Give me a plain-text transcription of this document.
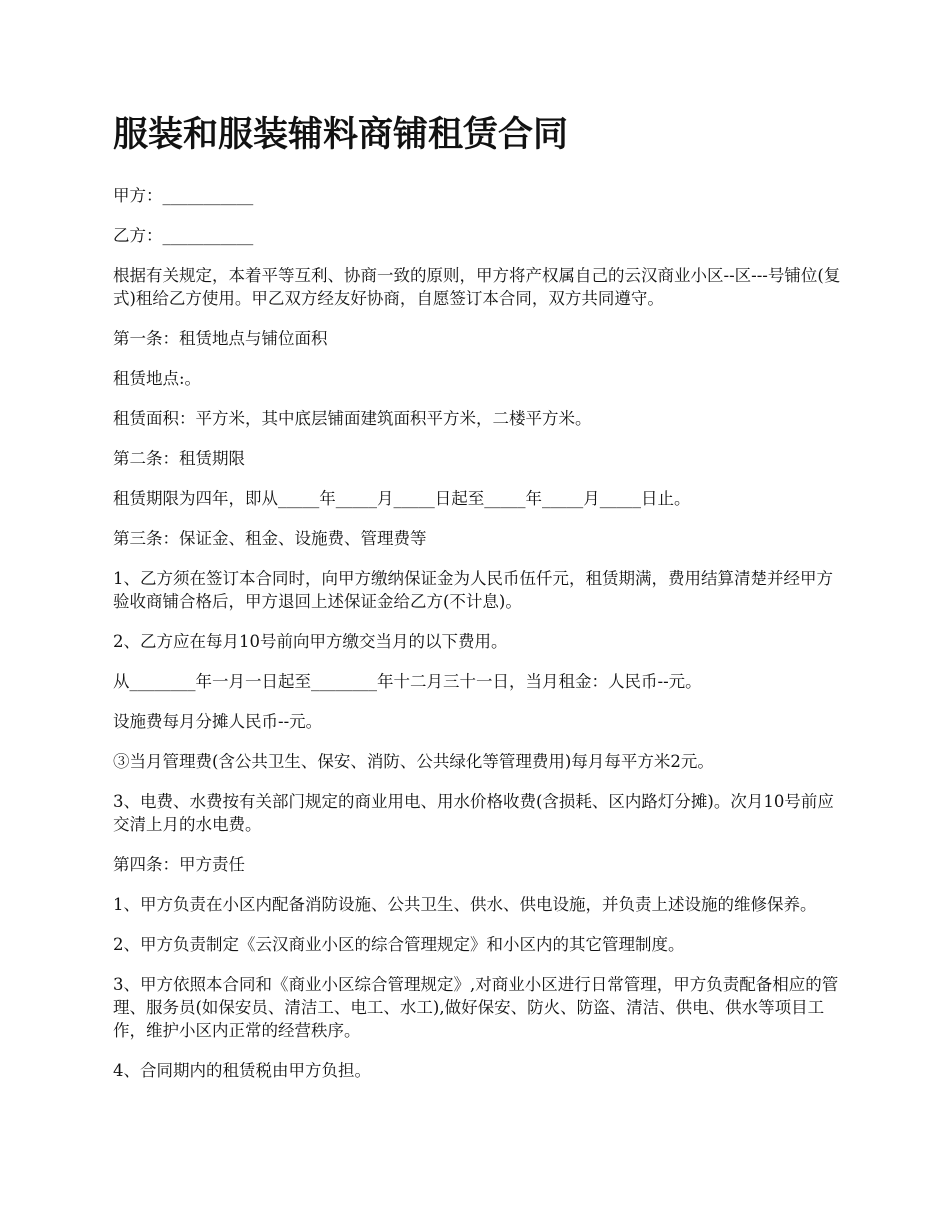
服装和服装辅料商铺租赁合同

甲方：___________

乙方：___________

根据有关规定，本着平等互利、协商一致的原则，甲方将产权属自己的云汉商业小区--区---号铺位(复式)租给乙方使用。甲乙双方经友好协商，自愿签订本合同，双方共同遵守。

第一条：租赁地点与铺位面积

租赁地点:。

租赁面积：平方米，其中底层铺面建筑面积平方米，二楼平方米。

第二条：租赁期限

租赁期限为四年，即从_____年_____月_____日起至_____年_____月_____日止。

第三条：保证金、租金、设施费、管理费等

1、乙方须在签订本合同时，向甲方缴纳保证金为人民币伍仟元，租赁期满，费用结算清楚并经甲方验收商铺合格后，甲方退回上述保证金给乙方(不计息)。

2、乙方应在每月10号前向甲方缴交当月的以下费用。

从________年一月一日起至________年十二月三十一日，当月租金：人民币--元。

设施费每月分摊人民币--元。

③当月管理费(含公共卫生、保安、消防、公共绿化等管理费用)每月每平方米2元。

3、电费、水费按有关部门规定的商业用电、用水价格收费(含损耗、区内路灯分摊)。次月10号前应交清上月的水电费。

第四条：甲方责任

1、甲方负责在小区内配备消防设施、公共卫生、供水、供电设施，并负责上述设施的维修保养。

2、甲方负责制定《云汉商业小区的综合管理规定》和小区内的其它管理制度。

3、甲方依照本合同和《商业小区综合管理规定》,对商业小区进行日常管理，甲方负责配备相应的管理、服务员(如保安员、清洁工、电工、水工),做好保安、防火、防盗、清洁、供电、供水等项目工作，维护小区内正常的经营秩序。

4、合同期内的租赁税由甲方负担。
